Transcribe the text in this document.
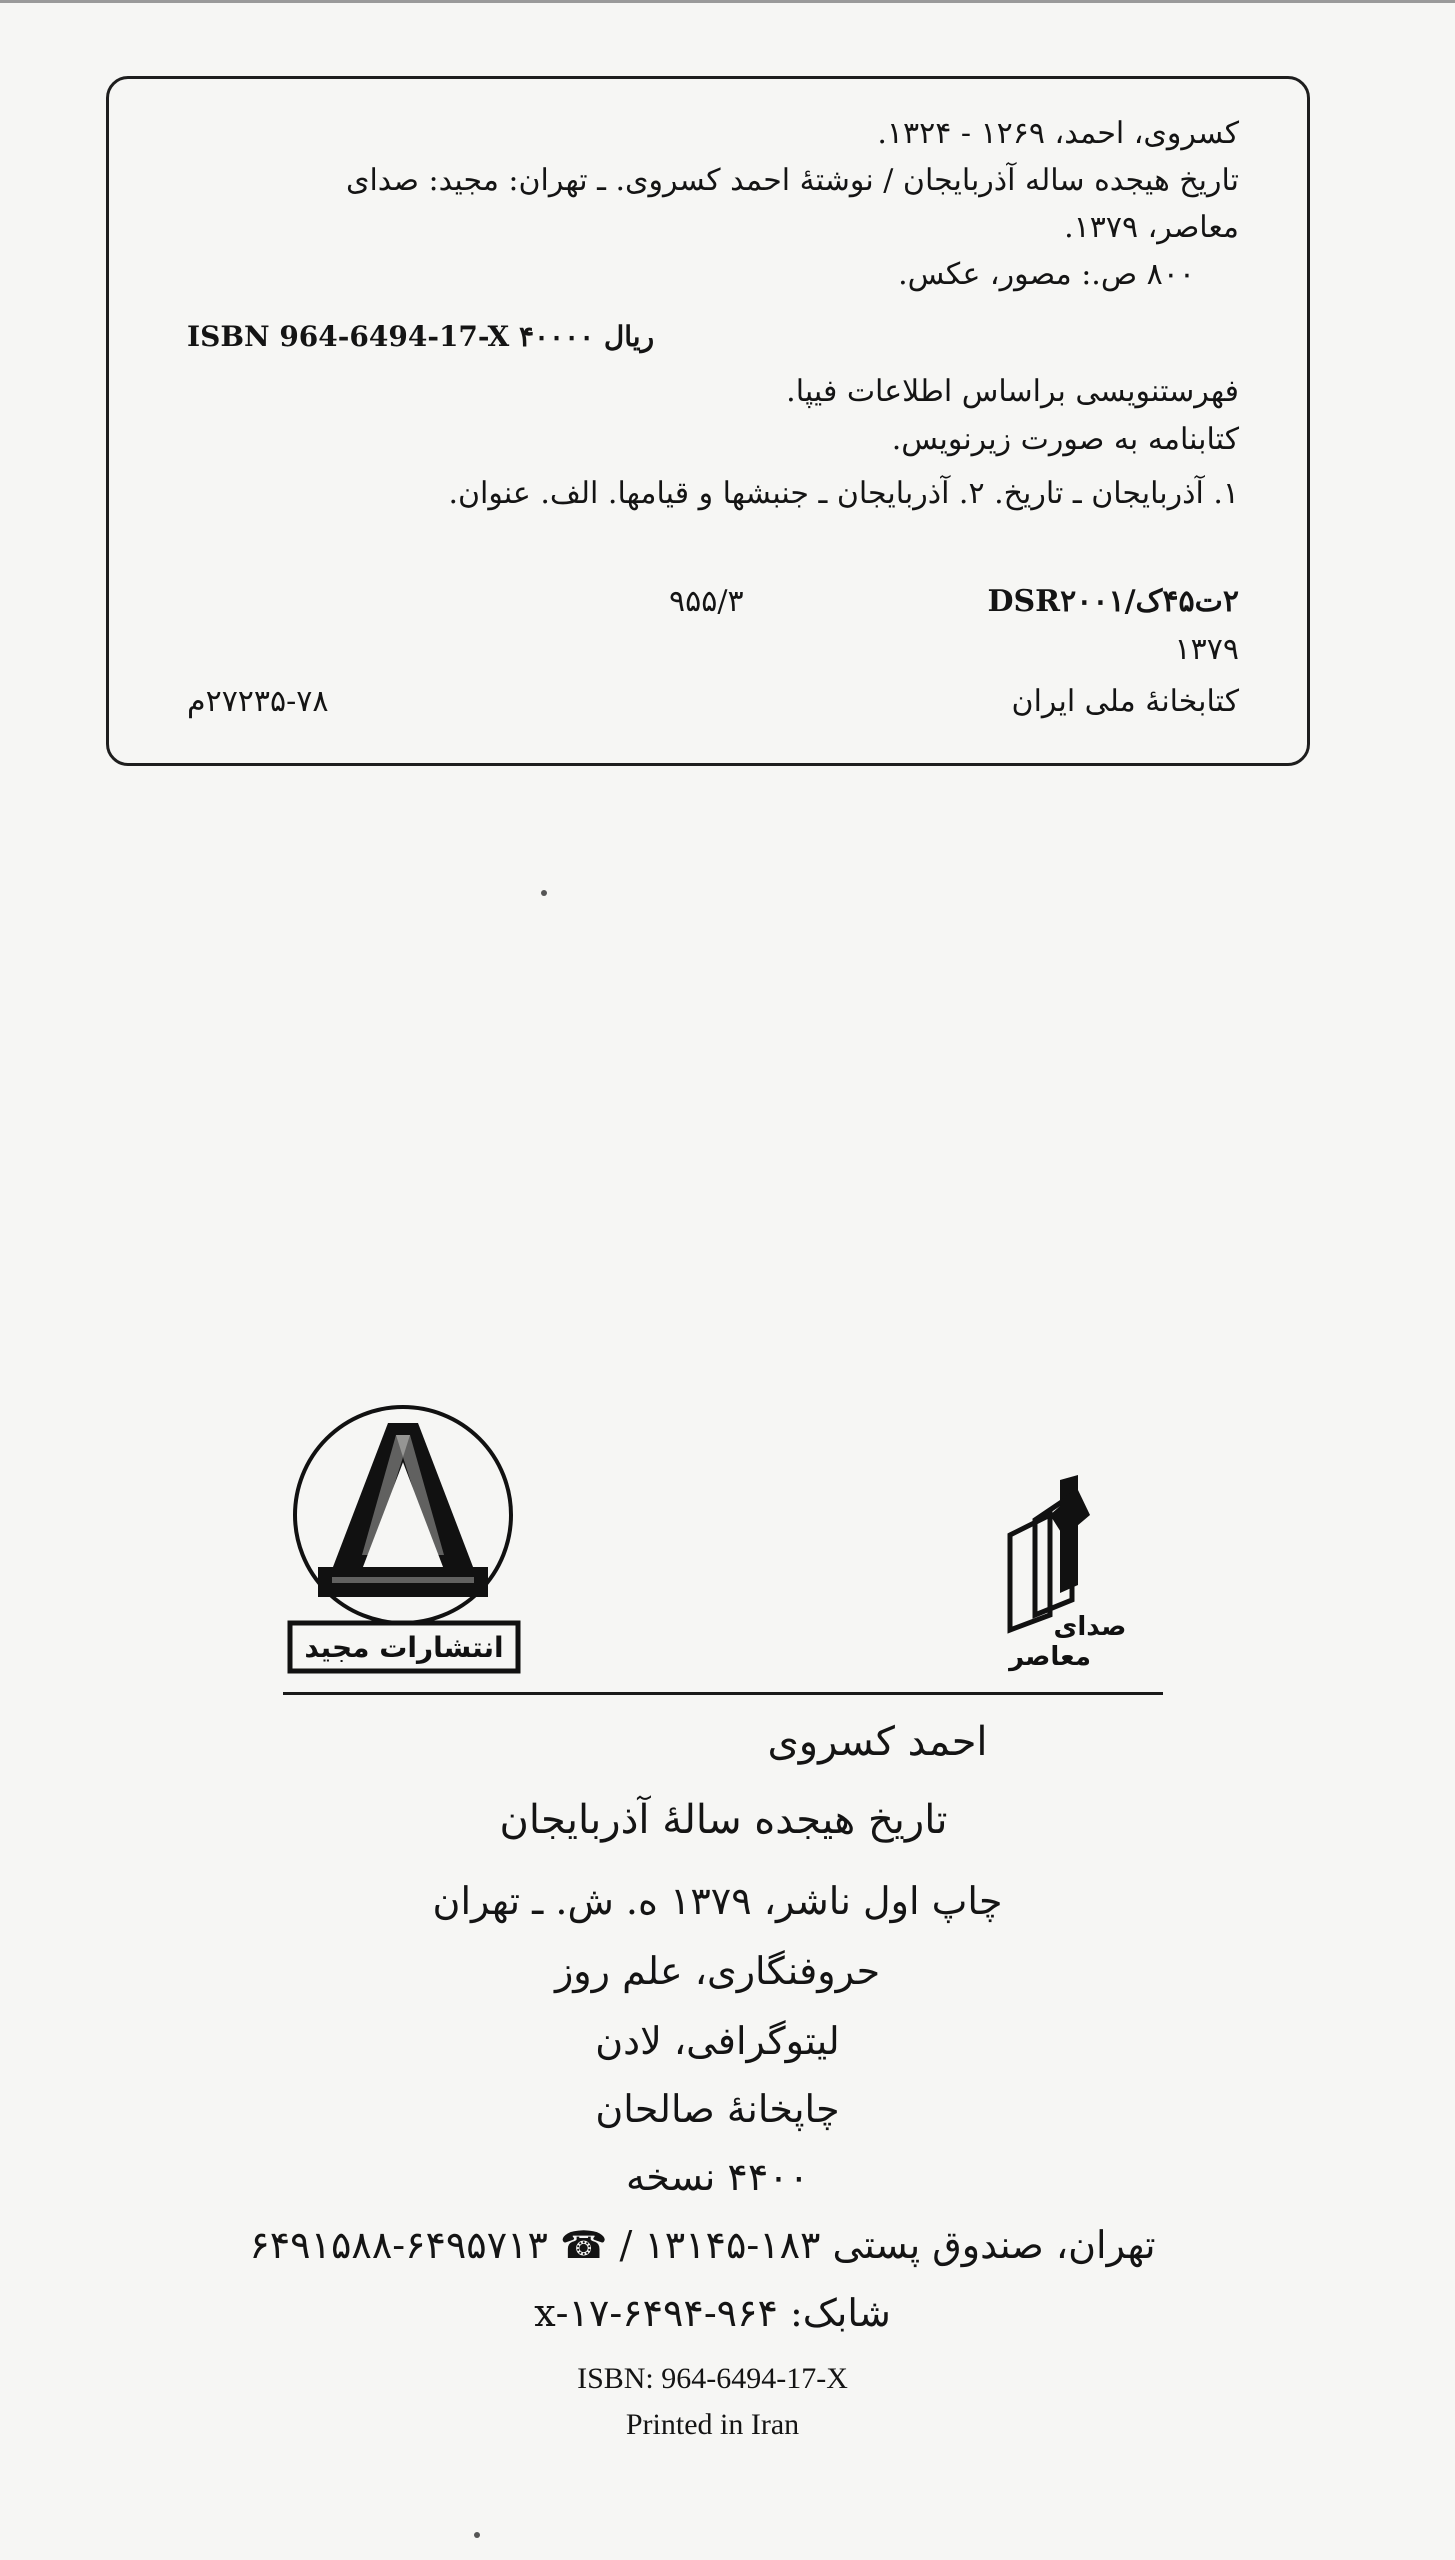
کسروی، احمد، ۱۲۶۹ - ۱۳۲۴.
تاریخ هیجده ساله آذربایجان / نوشتهٔ احمد کسروی. ـ تهران: مجید: صدای
معاصر، ۱۳۷۹.
۸۰۰ ص.: مصور، عکس.
ISBN 964-6494-17-X ۴۰۰۰۰ ریال
فهرستنویسی براساس اطلاعات فیپا.
کتابنامه به صورت زیرنویس.
۱. آذربایجان ـ تاریخ. ۲. آذربایجان ـ جنبشها و قیامها. الف. عنوان.
۲ت۴۵ک/DSR۲۰۰۱
۹۵۵/۳
۱۳۷۹
کتابخانهٔ ملی ایران
۲۷۲۳۵-۷۸م
انتشارات مجید
صدای
معاصر
احمد کسروی
تاریخ هیجده سالهٔ آذربایجان
چاپ اول ناشر، ۱۳۷۹ ه. ش. ـ تهران
حروفنگاری، علم روز
لیتوگرافی، لادن
چاپخانهٔ صالحان
۴۴۰۰ نسخه
تهران، صندوق پستی ۱۸۳-۱۳۱۴۵ / ☎ ۶۴۹۵۷۱۳-۶۴۹۱۵۸۸
شابک: ۹۶۴-۶۴۹۴-۱۷-x
ISBN: 964-6494-17-X
Printed in Iran
